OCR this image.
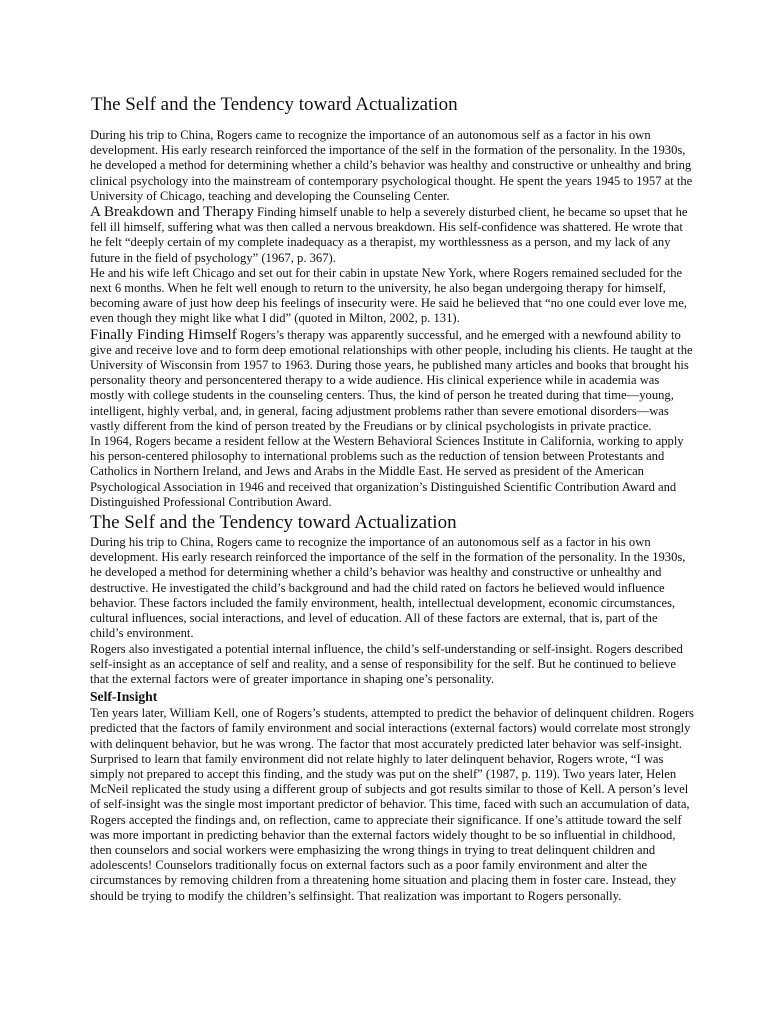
The Self and the Tendency toward Actualization

During his trip to China, Rogers came to recognize the importance of an autonomous self as a factor in his own development. His early research reinforced the importance of the self in the formation of the personality. In the 1930s, he developed a method for determining whether a child’s behavior was healthy and constructive or unhealthy and bring clinical psychology into the mainstream of contemporary psychological thought. He spent the years 1945 to 1957 at the University of Chicago, teaching and developing the Counseling Center.

A Breakdown and Therapy Finding himself unable to help a severely disturbed client, he became so upset that he fell ill himself, suffering what was then called a nervous breakdown. His self-confidence was shattered. He wrote that he felt “deeply certain of my complete inadequacy as a therapist, my worthlessness as a person, and my lack of any future in the field of psychology” (1967, p. 367).

He and his wife left Chicago and set out for their cabin in upstate New York, where Rogers remained secluded for the next 6 months. When he felt well enough to return to the university, he also began undergoing therapy for himself, becoming aware of just how deep his feelings of insecurity were. He said he believed that “no one could ever love me, even though they might like what I did” (quoted in Milton, 2002, p. 131).

Finally Finding Himself Rogers’s therapy was apparently successful, and he emerged with a newfound ability to give and receive love and to form deep emotional relationships with other people, including his clients. He taught at the University of Wisconsin from 1957 to 1963. During those years, he published many articles and books that brought his personality theory and personcentered therapy to a wide audience. His clinical experience while in academia was mostly with college students in the counseling centers. Thus, the kind of person he treated during that time—young, intelligent, highly verbal, and, in general, facing adjustment problems rather than severe emotional disorders—was vastly different from the kind of person treated by the Freudians or by clinical psychologists in private practice.

In 1964, Rogers became a resident fellow at the Western Behavioral Sciences Institute in California, working to apply his person-centered philosophy to international problems such as the reduction of tension between Protestants and Catholics in Northern Ireland, and Jews and Arabs in the Middle East. He served as president of the American Psychological Association in 1946 and received that organization’s Distinguished Scientific Contribution Award and Distinguished Professional Contribution Award.

The Self and the Tendency toward Actualization

During his trip to China, Rogers came to recognize the importance of an autonomous self as a factor in his own development. His early research reinforced the importance of the self in the formation of the personality. In the 1930s, he developed a method for determining whether a child’s behavior was healthy and constructive or unhealthy and destructive. He investigated the child’s background and had the child rated on factors he believed would influence behavior. These factors included the family environment, health, intellectual development, economic circumstances, cultural influences, social interactions, and level of education. All of these factors are external, that is, part of the child’s environment.

Rogers also investigated a potential internal influence, the child’s self-understanding or self-insight. Rogers described self-insight as an acceptance of self and reality, and a sense of responsibility for the self. But he continued to believe that the external factors were of greater importance in shaping one’s personality.

Self-Insight

Ten years later, William Kell, one of Rogers’s students, attempted to predict the behavior of delinquent children. Rogers predicted that the factors of family environment and social interactions (external factors) would correlate most strongly with delinquent behavior, but he was wrong. The factor that most accurately predicted later behavior was self-insight. Surprised to learn that family environment did not relate highly to later delinquent behavior, Rogers wrote, “I was simply not prepared to accept this finding, and the study was put on the shelf” (1987, p. 119). Two years later, Helen McNeil replicated the study using a different group of subjects and got results similar to those of Kell. A person’s level of self-insight was the single most important predictor of behavior. This time, faced with such an accumulation of data, Rogers accepted the findings and, on reflection, came to appreciate their significance. If one’s attitude toward the self was more important in predicting behavior than the external factors widely thought to be so influential in childhood, then counselors and social workers were emphasizing the wrong things in trying to treat delinquent children and adolescents! Counselors traditionally focus on external factors such as a poor family environment and alter the circumstances by removing children from a threatening home situation and placing them in foster care. Instead, they should be trying to modify the children’s selfinsight. That realization was important to Rogers personally.
